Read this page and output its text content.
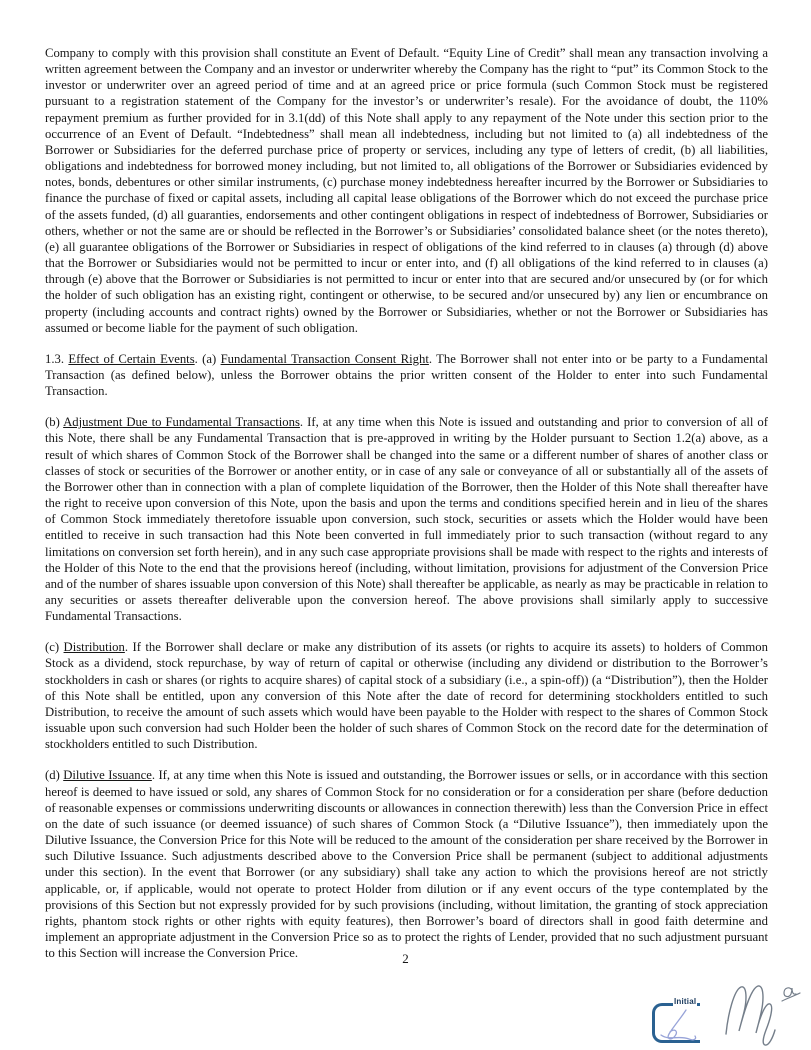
Company to comply with this provision shall constitute an Event of Default. “Equity Line of Credit” shall mean any transaction involving a written agreement between the Company and an investor or underwriter whereby the Company has the right to “put” its Common Stock to the investor or underwriter over an agreed period of time and at an agreed price or price formula (such Common Stock must be registered pursuant to a registration statement of the Company for the investor’s or underwriter’s resale). For the avoidance of doubt, the 110% repayment premium as further provided for in 3.1(dd) of this Note shall apply to any repayment of the Note under this section prior to the occurrence of an Event of Default. “Indebtedness” shall mean all indebtedness, including but not limited to (a) all indebtedness of the Borrower or Subsidiaries for the deferred purchase price of property or services, including any type of letters of credit, (b) all liabilities, obligations and indebtedness for borrowed money including, but not limited to, all obligations of the Borrower or Subsidiaries evidenced by notes, bonds, debentures or other similar instruments, (c) purchase money indebtedness hereafter incurred by the Borrower or Subsidiaries to finance the purchase of fixed or capital assets, including all capital lease obligations of the Borrower which do not exceed the purchase price of the assets funded, (d) all guaranties, endorsements and other contingent obligations in respect of indebtedness of Borrower, Subsidiaries or others, whether or not the same are or should be reflected in the Borrower’s or Subsidiaries’ consolidated balance sheet (or the notes thereto), (e) all guarantee obligations of the Borrower or Subsidiaries in respect of obligations of the kind referred to in clauses (a) through (d) above that the Borrower or Subsidiaries would not be permitted to incur or enter into, and (f) all obligations of the kind referred to in clauses (a) through (e) above that the Borrower or Subsidiaries is not permitted to incur or enter into that are secured and/or unsecured by (or for which the holder of such obligation has an existing right, contingent or otherwise, to be secured and/or unsecured by) any lien or encumbrance on property (including accounts and contract rights) owned by the Borrower or Subsidiaries, whether or not the Borrower or Subsidiaries has assumed or become liable for the payment of such obligation.

1.3. Effect of Certain Events. (a) Fundamental Transaction Consent Right. The Borrower shall not enter into or be party to a Fundamental Transaction (as defined below), unless the Borrower obtains the prior written consent of the Holder to enter into such Fundamental Transaction.

(b) Adjustment Due to Fundamental Transactions. If, at any time when this Note is issued and outstanding and prior to conversion of all of this Note, there shall be any Fundamental Transaction that is pre-approved in writing by the Holder pursuant to Section 1.2(a) above, as a result of which shares of Common Stock of the Borrower shall be changed into the same or a different number of shares of another class or classes of stock or securities of the Borrower or another entity, or in case of any sale or conveyance of all or substantially all of the assets of the Borrower other than in connection with a plan of complete liquidation of the Borrower, then the Holder of this Note shall thereafter have the right to receive upon conversion of this Note, upon the basis and upon the terms and conditions specified herein and in lieu of the shares of Common Stock immediately theretofore issuable upon conversion, such stock, securities or assets which the Holder would have been entitled to receive in such transaction had this Note been converted in full immediately prior to such transaction (without regard to any limitations on conversion set forth herein), and in any such case appropriate provisions shall be made with respect to the rights and interests of the Holder of this Note to the end that the provisions hereof (including, without limitation, provisions for adjustment of the Conversion Price and of the number of shares issuable upon conversion of this Note) shall thereafter be applicable, as nearly as may be practicable in relation to any securities or assets thereafter deliverable upon the conversion hereof. The above provisions shall similarly apply to successive Fundamental Transactions.

(c) Distribution. If the Borrower shall declare or make any distribution of its assets (or rights to acquire its assets) to holders of Common Stock as a dividend, stock repurchase, by way of return of capital or otherwise (including any dividend or distribution to the Borrower’s stockholders in cash or shares (or rights to acquire shares) of capital stock of a subsidiary (i.e., a spin-off)) (a “Distribution”), then the Holder of this Note shall be entitled, upon any conversion of this Note after the date of record for determining stockholders entitled to such Distribution, to receive the amount of such assets which would have been payable to the Holder with respect to the shares of Common Stock issuable upon such conversion had such Holder been the holder of such shares of Common Stock on the record date for the determination of stockholders entitled to such Distribution.

(d) Dilutive Issuance. If, at any time when this Note is issued and outstanding, the Borrower issues or sells, or in accordance with this section hereof is deemed to have issued or sold, any shares of Common Stock for no consideration or for a consideration per share (before deduction of reasonable expenses or commissions underwriting discounts or allowances in connection therewith) less than the Conversion Price in effect on the date of such issuance (or deemed issuance) of such shares of Common Stock (a “Dilutive Issuance”), then immediately upon the Dilutive Issuance, the Conversion Price for this Note will be reduced to the amount of the consideration per share received by the Borrower in such Dilutive Issuance. Such adjustments described above to the Conversion Price shall be permanent (subject to additional adjustments under this section). In the event that Borrower (or any subsidiary) shall take any action to which the provisions hereof are not strictly applicable, or, if applicable, would not operate to protect Holder from dilution or if any event occurs of the type contemplated by the provisions of this Section but not expressly provided for by such provisions (including, without limitation, the granting of stock appreciation rights, phantom stock rights or other rights with equity features), then Borrower’s board of directors shall in good faith determine and implement an appropriate adjustment in the Conversion Price so as to protect the rights of Lender, provided that no such adjustment pursuant to this Section will increase the Conversion Price.	2
Initial
